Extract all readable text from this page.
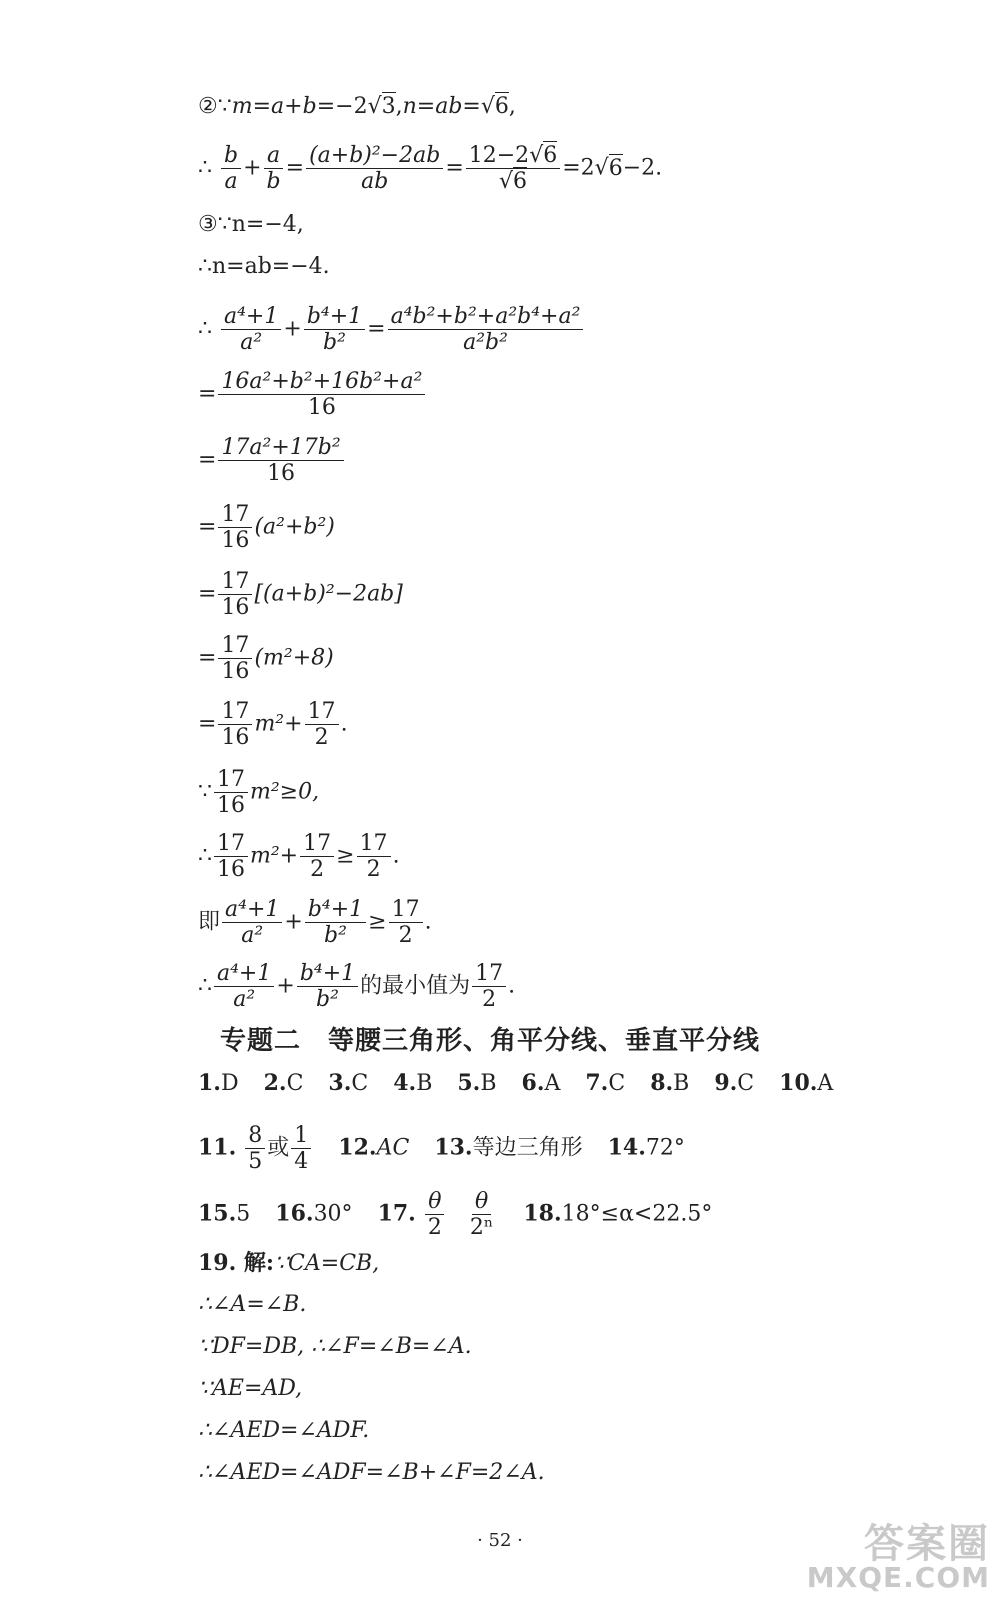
②∵m=a+b=−2√3,n=ab=√6,
∴ $\frac{b}{a} + \frac{a}{b} = \frac{\text{(a+b)²−2ab}}{ab} = \frac{12-2√6}{√6} =2√6-2$.
③∵n=−4,
∴n=ab=−4.
∴ $\frac{\text{a⁴+1}}{\text{a²}} + \frac{\text{b⁴+1}}{\text{b²}} = \frac{\text{a⁴b²+b²+a²b⁴+a²}}{\text{a²b²}}$
= $\frac{\text{16a²+b²+16b²+a²}}{16}$
= $\frac{\text{17a²+17b²}}{16}$
= $\frac{17}{16} (a^2+b^2)$
= $\frac{17}{16} [(a+b)^2-2ab]$
= $\frac{17}{16} (m^2+8)$
= $\frac{17}{16} m^2+ \frac{17}{2}$ .
∵ $\frac{17}{16} m^2\ge 0$,
∴ $\frac{17}{16} m^2+ \frac{17}{2} \ge \frac{17}{2}$ .
即 $\frac{\text{a⁴+1}}{\text{a²}} + \frac{\text{b⁴+1}}{\text{b²}} \ge \frac{17}{2}$ .
∴ $\frac{\text{a⁴+1}}{\text{a²}} + \frac{\text{b⁴+1}}{\text{b²}}$ 的最小值为 $\frac{17}{2}$ .
专题二　等腰三角形、角平分线、垂直平分线
1.D 2.C 3.C 4.B 5.B 6.A 7.C 8.B 9.C 10.A
11. $\frac{8}{5}$ 或 $\frac{1}{4} 12.AC$ 13.等边三角形 14.72°
15.5 16.30° 17. $\frac{\theta}{2} \frac{\theta}{\text{2ⁿ}} 18.18^\circ\le\alpha<22.5^\circ$
19. 解:∵CA=CB,
∴∠A=∠B.
∵DF=DB, ∴∠F=∠B=∠A.
∵AE=AD,
∴∠AED=∠ADF.
∴∠AED=∠ADF=∠B+∠F=2∠A.
· 52 ·	答案圈
MXQE.COM
